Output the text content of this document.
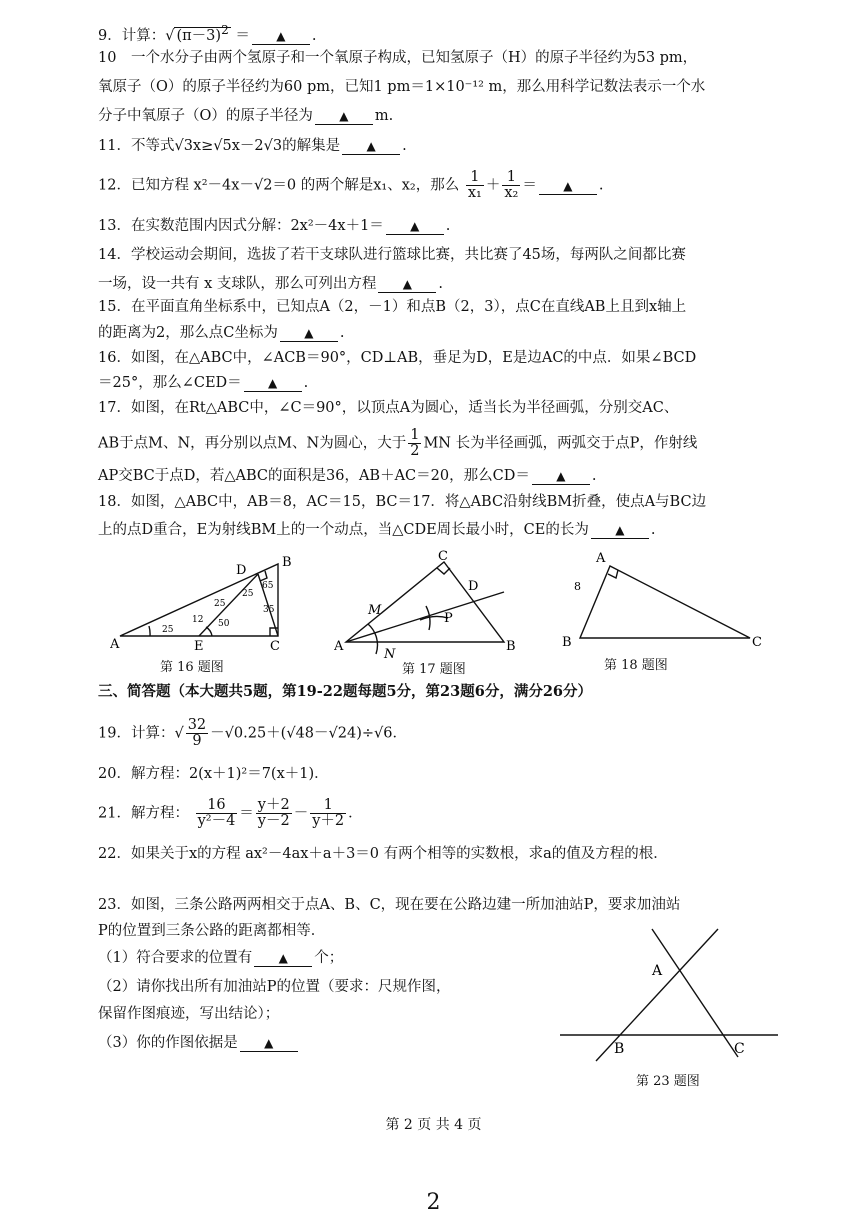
9．计算：√ $(\pi-3)^2$ ＝ ▲ .
10　一个水分子由两个氢原子和一个氧原子构成，已知氢原子（H）的原子半径约为53 pm，
氧原子（O）的原子半径约为60 pm，已知1 pm＝1×10⁻¹² m，那么用科学记数法表示一个水
分子中氧原子（O）的原子半径为 ▲ m.
11．不等式√3x≥√5x－2√3的解集是 ▲ .
12．已知方程 x²－4x－√2＝0 的两个解是x₁、x₂，那么 $\frac{1}{\text{x₁}} + \frac{1}{\text{x₂}}$ ＝ ▲ .
13．在实数范围内因式分解：2x²－4x＋1＝ ▲ .
14．学校运动会期间，选拔了若干支球队进行篮球比赛，共比赛了45场，每两队之间都比赛
一场，设一共有 x 支球队，那么可列出方程 ▲ .
15．在平面直角坐标系中，已知点A（2，－1）和点B（2，3），点C在直线AB上且到x轴上
的距离为2，那么点C坐标为 ▲ .
16．如图，在△ABC中，∠ACB＝90°，CD⊥AB，垂足为D，E是边AC的中点．如果∠BCD
＝25°，那么∠CED＝ ▲ .
17．如图，在Rt△ABC中，∠C＝90°，以顶点A为圆心，适当长为半径画弧，分别交AC、
AB于点M、N，再分别以点M、N为圆心，大于 $\frac{1}{2}$ MN 长为半径画弧，两弧交于点P，作射线
AP交BC于点D，若△ABC的面积是36，AB＋AC＝20，那么CD＝ ▲ .
18．如图，△ABC中，AB＝8，AC＝15，BC＝17．将△ABC沿射线BM折叠，使点A与BC边
上的点D重合，E为射线BM上的一个动点，当△CDE周长最小时，CE的长为 ▲ .
A
B
C
D
E
65
25
25
25
35
12 50
第 16 题图
A	B
C
D
M
N
P
第 17 题图
A
B	C
8
第 18 题图
三、简答题（本大题共5题，第19-22题每题5分，第23题6分，满分26分）
19．计算：√ $\frac{32}{9} -√0.25+(√48-√24)\div√6$．
20．解方程：2(x＋1)²＝7(x＋1)．
21．解方程： $\frac{16}{\text{y²－4}} = \frac{y+2}{y-2} - \frac{1}{y+2}$ ．
22．如果关于x的方程 ax²－4ax＋a＋3＝0 有两个相等的实数根，求a的值及方程的根．
23．如图，三条公路两两相交于点A、B、C，现在要在公路边建一所加油站P，要求加油站
P的位置到三条公路的距离都相等．
（1）符合要求的位置有 ▲ 个；
（2）请你找出所有加油站P的位置（要求：尺规作图，
保留作图痕迹，写出结论）；
（3）你的作图依据是 ▲
A
B	C
第 23 题图
第 2 页 共 4 页
2
